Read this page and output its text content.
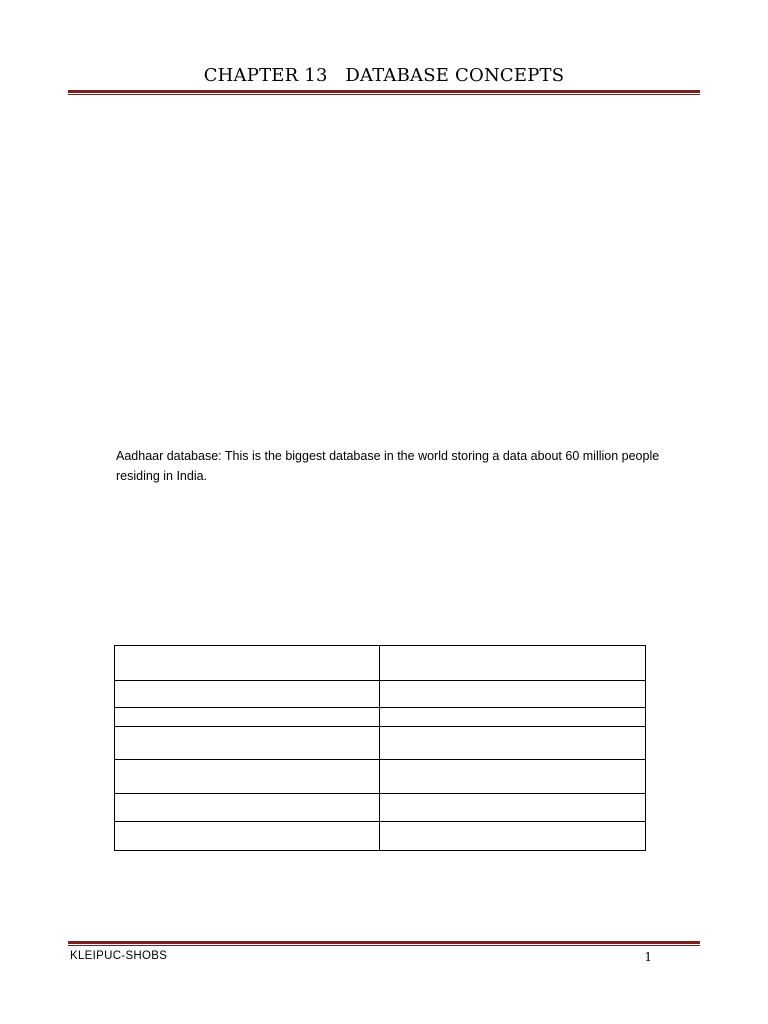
CHAPTER 13   DATABASE CONCEPTS
Aadhaar database: This is the biggest database in the world storing a data about 60 million people residing in India.

KLEIPUC-SHOBS	1
